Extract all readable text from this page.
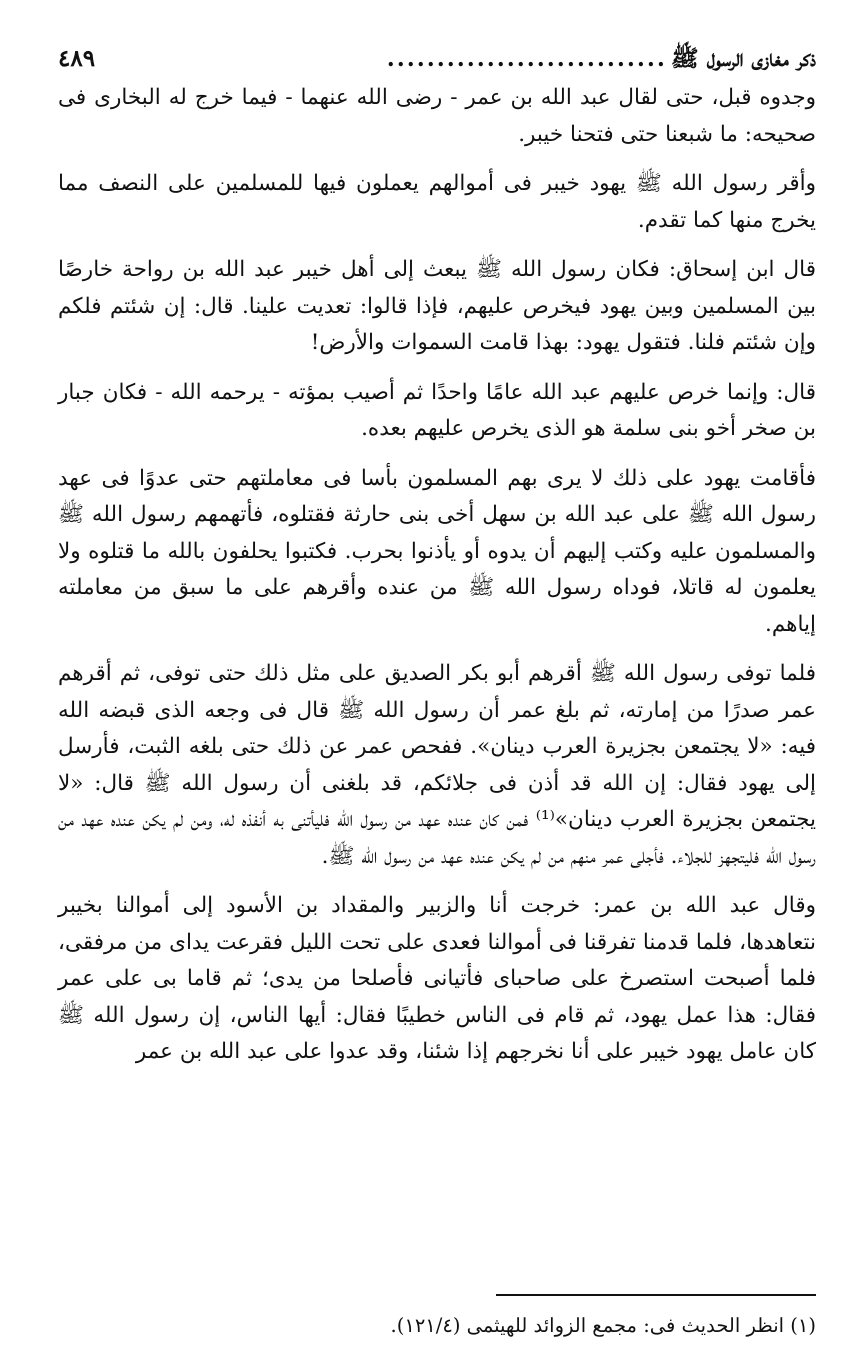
ذكر مغازى الرسول ﷺ
............................
٤٨٩

وجدوه قبل، حتى لقال عبد الله بن عمر - رضى الله عنهما - فيما خرج له البخارى فى صحيحه: ما شبعنا حتى فتحنا خيبر.

وأقر رسول الله ﷺ يهود خيبر فى أموالهم يعملون فيها للمسلمين على النصف مما يخرج منها كما تقدم.

قال ابن إسحاق: فكان رسول الله ﷺ يبعث إلى أهل خيبر عبد الله بن رواحة خارصًا بين المسلمين وبين يهود فيخرص عليهم، فإذا قالوا: تعديت علينا. قال: إن شئتم فلكم وإن شئتم فلنا. فتقول يهود: بهذا قامت السموات والأرض!

قال: وإنما خرص عليهم عبد الله عامًا واحدًا ثم أصيب بمؤته - يرحمه الله - فكان جبار بن صخر أخو بنى سلمة هو الذى يخرص عليهم بعده.

فأقامت يهود على ذلك لا يرى بهم المسلمون بأسا فى معاملتهم حتى عدوًا فى عهد رسول الله ﷺ على عبد الله بن سهل أخى بنى حارثة فقتلوه، فأتهمهم رسول الله ﷺ والمسلمون عليه وكتب إليهم أن يدوه أو يأذنوا بحرب. فكتبوا يحلفون بالله ما قتلوه ولا يعلمون له قاتلا، فوداه رسول الله ﷺ من عنده وأقرهم على ما سبق من معاملته إياهم.

فلما توفى رسول الله ﷺ أقرهم أبو بكر الصديق على مثل ذلك حتى توفى، ثم أقرهم عمر صدرًا من إمارته، ثم بلغ عمر أن رسول الله ﷺ قال فى وجعه الذى قبضه الله فيه: «لا يجتمعن بجزيرة العرب دينان». ففحص عمر عن ذلك حتى بلغه الثبت، فأرسل إلى يهود فقال: إن الله قد أذن فى جلائكم، قد بلغنى أن رسول الله ﷺ قال: «لا يجتمعن بجزيرة العرب دينان»⁽¹⁾ فمن كان عنده عهد من رسول الله فليأتنى به أنفذه له، ومن لم يكن عنده عهد من رسول الله فليتجهز للجلاء. فأجلى عمر منهم من لم يكن عنده عهد من رسول الله ﷺ.

وقال عبد الله بن عمر: خرجت أنا والزبير والمقداد بن الأسود إلى أموالنا بخيبر نتعاهدها، فلما قدمنا تفرقنا فى أموالنا فعدى على تحت الليل فقرعت يداى من مرفقى، فلما أصبحت استصرخ على صاحباى فأتيانى فأصلحا من يدى؛ ثم قاما بى على عمر فقال: هذا عمل يهود، ثم قام فى الناس خطيبًا فقال: أيها الناس، إن رسول الله ﷺ كان عامل يهود خيبر على أنا نخرجهم إذا شئنا، وقد عدوا على عبد الله بن عمر

(١) انظر الحديث فى: مجمع الزوائد للهيثمى (١٢١/٤).
